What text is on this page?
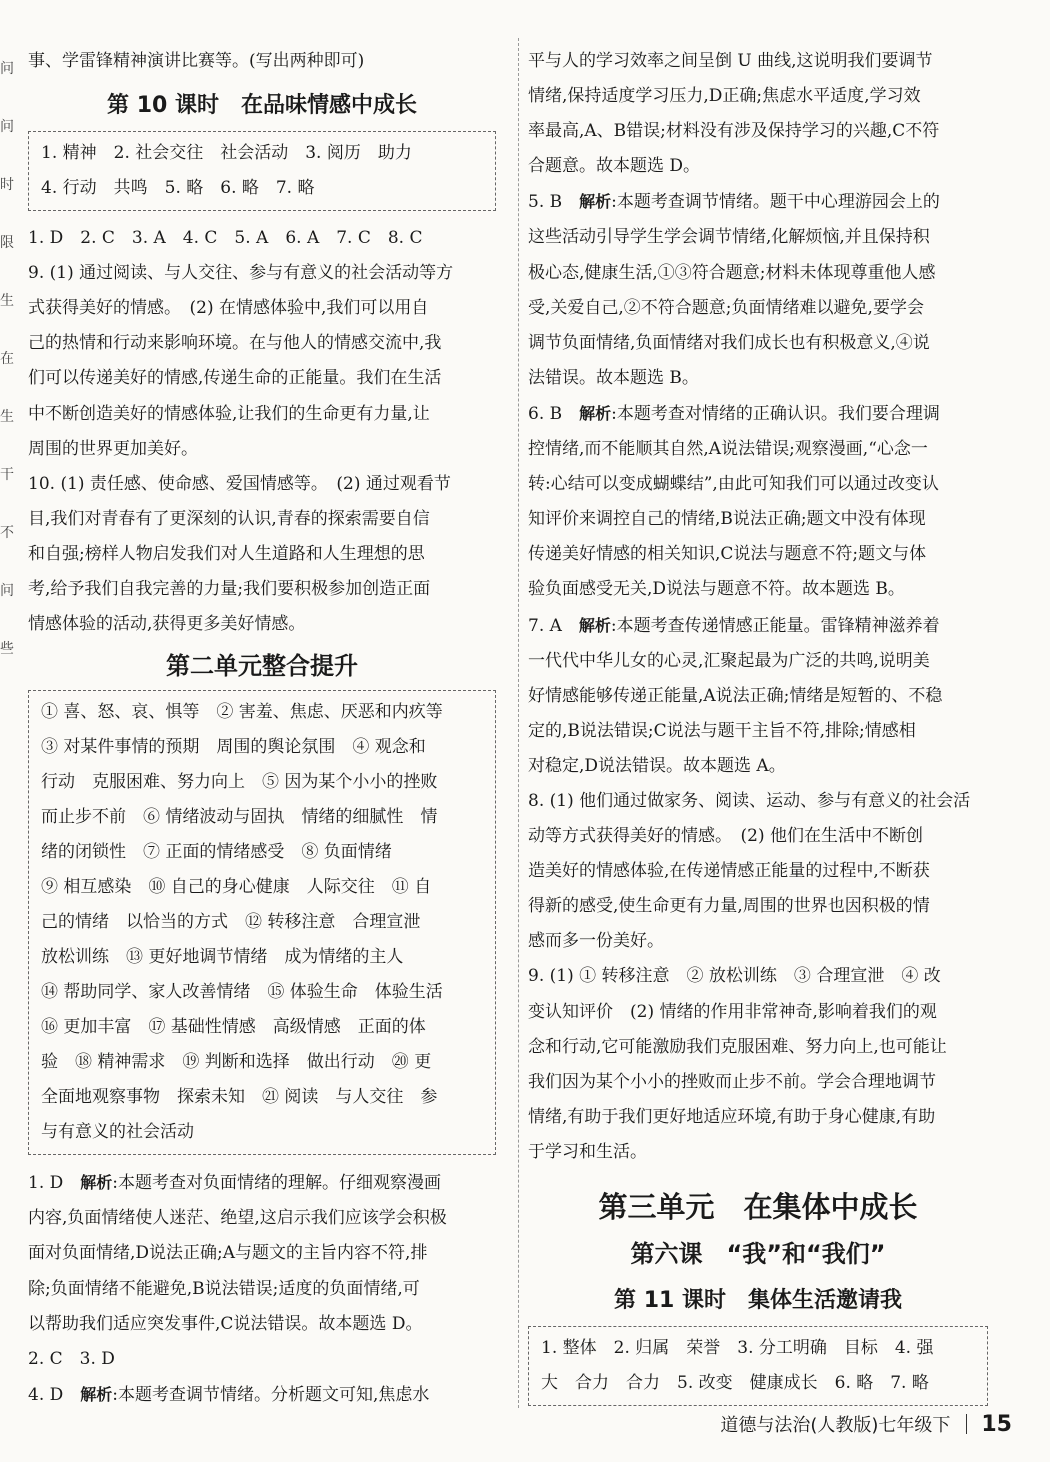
问
问
时
限
生
在
生
干
不
问
些

事、学雷锋精神演讲比赛等。(写出两种即可)

第 10 课时　在品味情感中成长

1. 精神　2. 社会交往　社会活动　3. 阅历　助力

4. 行动　共鸣　5. 略　6. 略　7. 略

1. D　2. C　3. A　4. C　5. A　6. A　7. C　8. C

9. (1) 通过阅读、与人交往、参与有意义的社会活动等方

式获得美好的情感。　(2) 在情感体验中,我们可以用自

己的热情和行动来影响环境。在与他人的情感交流中,我

们可以传递美好的情感,传递生命的正能量。我们在生活

中不断创造美好的情感体验,让我们的生命更有力量,让

周围的世界更加美好。

10. (1) 责任感、使命感、爱国情感等。　(2) 通过观看节

目,我们对青春有了更深刻的认识,青春的探索需要自信

和自强;榜样人物启发我们对人生道路和人生理想的思

考,给予我们自我完善的力量;我们要积极参加创造正面

情感体验的活动,获得更多美好情感。

第二单元整合提升

① 喜、怒、哀、惧等　② 害羞、焦虑、厌恶和内疚等

③ 对某件事情的预期　周围的舆论氛围　④ 观念和

行动　克服困难、努力向上　⑤ 因为某个小小的挫败

而止步不前　⑥ 情绪波动与固执　情绪的细腻性　情

绪的闭锁性　⑦ 正面的情绪感受　⑧ 负面情绪

⑨ 相互感染　⑩ 自己的身心健康　人际交往　⑪ 自

己的情绪　以恰当的方式　⑫ 转移注意　合理宣泄

放松训练　⑬ 更好地调节情绪　成为情绪的主人

⑭ 帮助同学、家人改善情绪　⑮ 体验生命　体验生活

⑯ 更加丰富　⑰ 基础性情感　高级情感　正面的体

验　⑱ 精神需求　⑲ 判断和选择　做出行动　⑳ 更

全面地观察事物　探索未知　㉑ 阅读　与人交往　参

与有意义的社会活动

1. D　解析:本题考查对负面情绪的理解。仔细观察漫画

内容,负面情绪使人迷茫、绝望,这启示我们应该学会积极

面对负面情绪,D说法正确;A与题文的主旨内容不符,排

除;负面情绪不能避免,B说法错误;适度的负面情绪,可

以帮助我们适应突发事件,C说法错误。故本题选 D。

2. C　3. D

4. D　解析:本题考查调节情绪。分析题文可知,焦虑水

平与人的学习效率之间呈倒 U 曲线,这说明我们要调节

情绪,保持适度学习压力,D正确;焦虑水平适度,学习效

率最高,A、B错误;材料没有涉及保持学习的兴趣,C不符

合题意。故本题选 D。

5. B　解析:本题考查调节情绪。题干中心理游园会上的

这些活动引导学生学会调节情绪,化解烦恼,并且保持积

极心态,健康生活,①③符合题意;材料未体现尊重他人感

受,关爱自己,②不符合题意;负面情绪难以避免,要学会

调节负面情绪,负面情绪对我们成长也有积极意义,④说

法错误。故本题选 B。

6. B　解析:本题考查对情绪的正确认识。我们要合理调

控情绪,而不能顺其自然,A说法错误;观察漫画,“心念一

转:心结可以变成蝴蝶结”,由此可知我们可以通过改变认

知评价来调控自己的情绪,B说法正确;题文中没有体现

传递美好情感的相关知识,C说法与题意不符;题文与体

验负面感受无关,D说法与题意不符。故本题选 B。

7. A　解析:本题考查传递情感正能量。雷锋精神滋养着

一代代中华儿女的心灵,汇聚起最为广泛的共鸣,说明美

好情感能够传递正能量,A说法正确;情绪是短暂的、不稳

定的,B说法错误;C说法与题干主旨不符,排除;情感相

对稳定,D说法错误。故本题选 A。

8. (1) 他们通过做家务、阅读、运动、参与有意义的社会活

动等方式获得美好的情感。　(2) 他们在生活中不断创

造美好的情感体验,在传递情感正能量的过程中,不断获

得新的感受,使生命更有力量,周围的世界也因积极的情

感而多一份美好。

9. (1) ① 转移注意　② 放松训练　③ 合理宣泄　④ 改

变认知评价　(2) 情绪的作用非常神奇,影响着我们的观

念和行动,它可能激励我们克服困难、努力向上,也可能让

我们因为某个小小的挫败而止步不前。学会合理地调节

情绪,有助于我们更好地适应环境,有助于身心健康,有助

于学习和生活。

第三单元　在集体中成长
第六课　“我”和“我们”
第 11 课时　集体生活邀请我

1. 整体　2. 归属　荣誉　3. 分工明确　目标　4. 强

大　合力　合力　5. 改变　健康成长　6. 略　7. 略

道德与法治(人教版)七年级下 15
